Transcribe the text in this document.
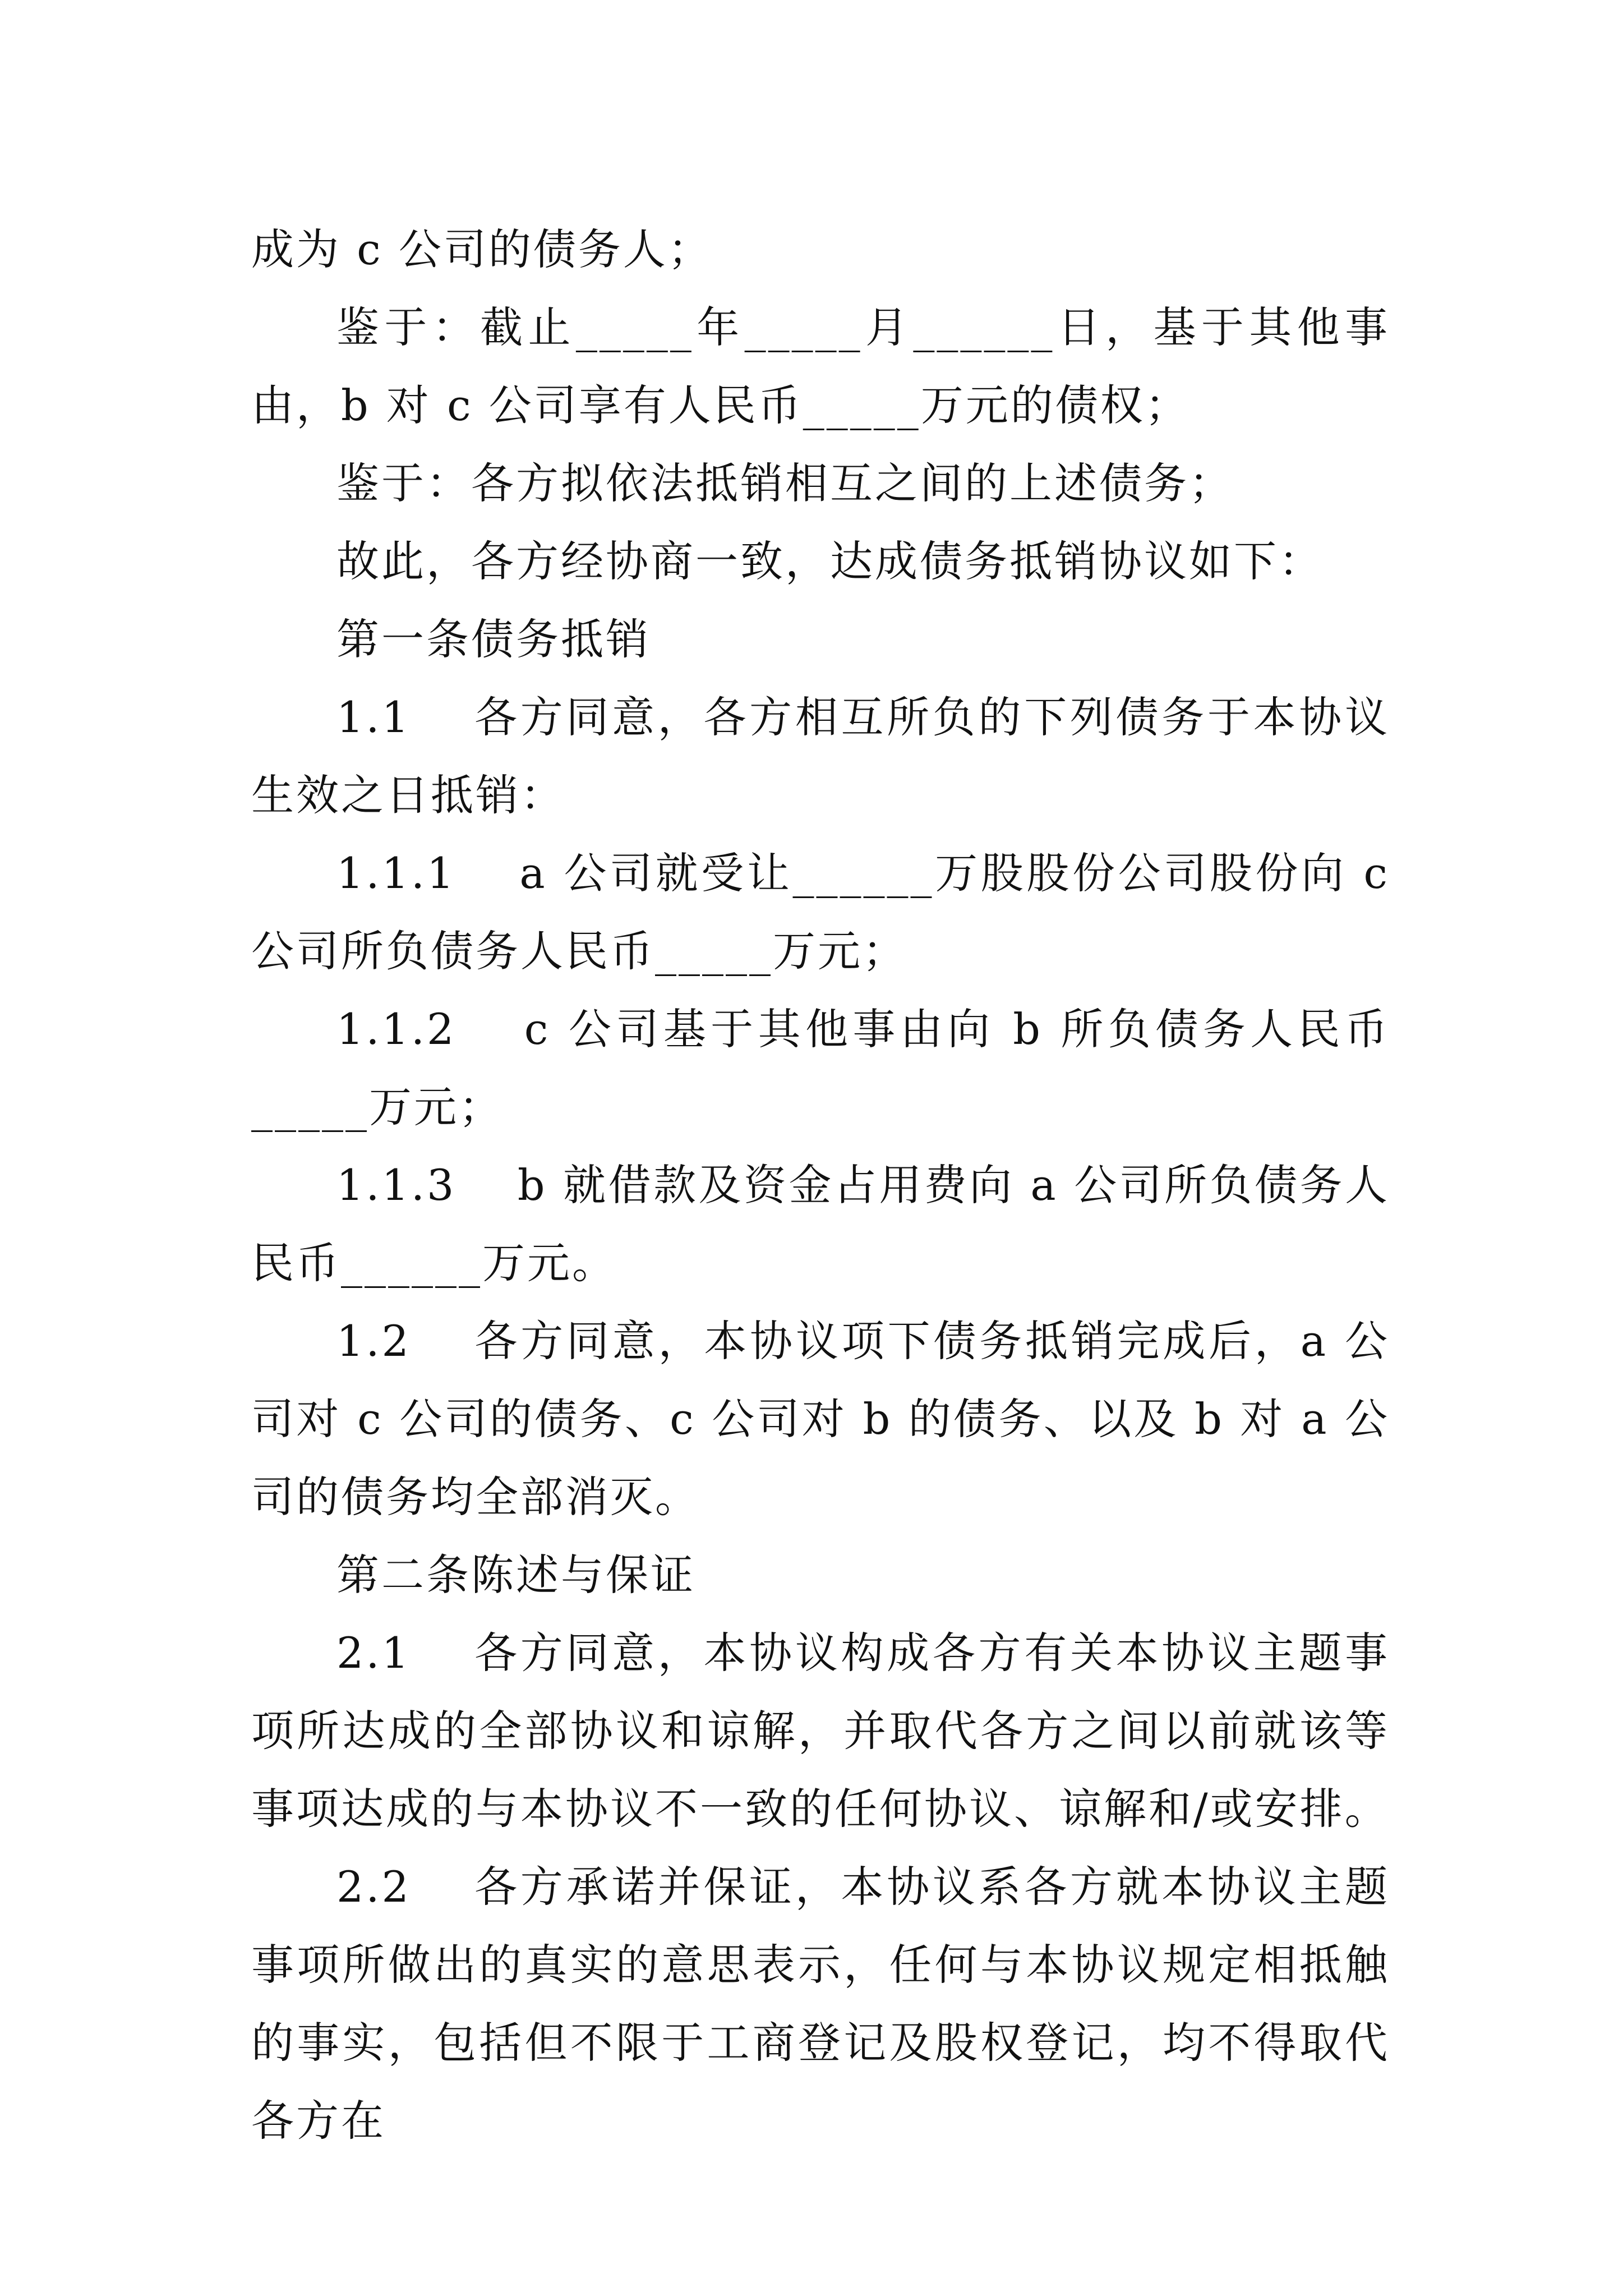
成为 c 公司的债务人；

鉴于：截止_____年_____月______日，基于其他事由，b 对 c 公司享有人民币_____万元的债权；

鉴于：各方拟依法抵销相互之间的上述债务；

故此，各方经协商一致，达成债务抵销协议如下：

第一条债务抵销

1.1　 各方同意，各方相互所负的下列债务于本协议生效之日抵销：

1.1.1　 a 公司就受让______万股股份公司股份向 c 公司所负债务人民币_____万元；

1.1.2　 c 公司基于其他事由向 b 所负债务人民币_____万元；

1.1.3　 b 就借款及资金占用费向 a 公司所负债务人民币______万元。

1.2　 各方同意，本协议项下债务抵销完成后，a 公司对 c 公司的债务、c 公司对 b 的债务、以及 b 对 a 公司的债务均全部消灭。

第二条陈述与保证

2.1　 各方同意，本协议构成各方有关本协议主题事项所达成的全部协议和谅解，并取代各方之间以前就该等事项达成的与本协议不一致的任何协议、谅解和/或安排。

2.2　 各方承诺并保证，本协议系各方就本协议主题事项所做出的真实的意思表示，任何与本协议规定相抵触的事实，包括但不限于工商登记及股权登记，均不得取代各方在
